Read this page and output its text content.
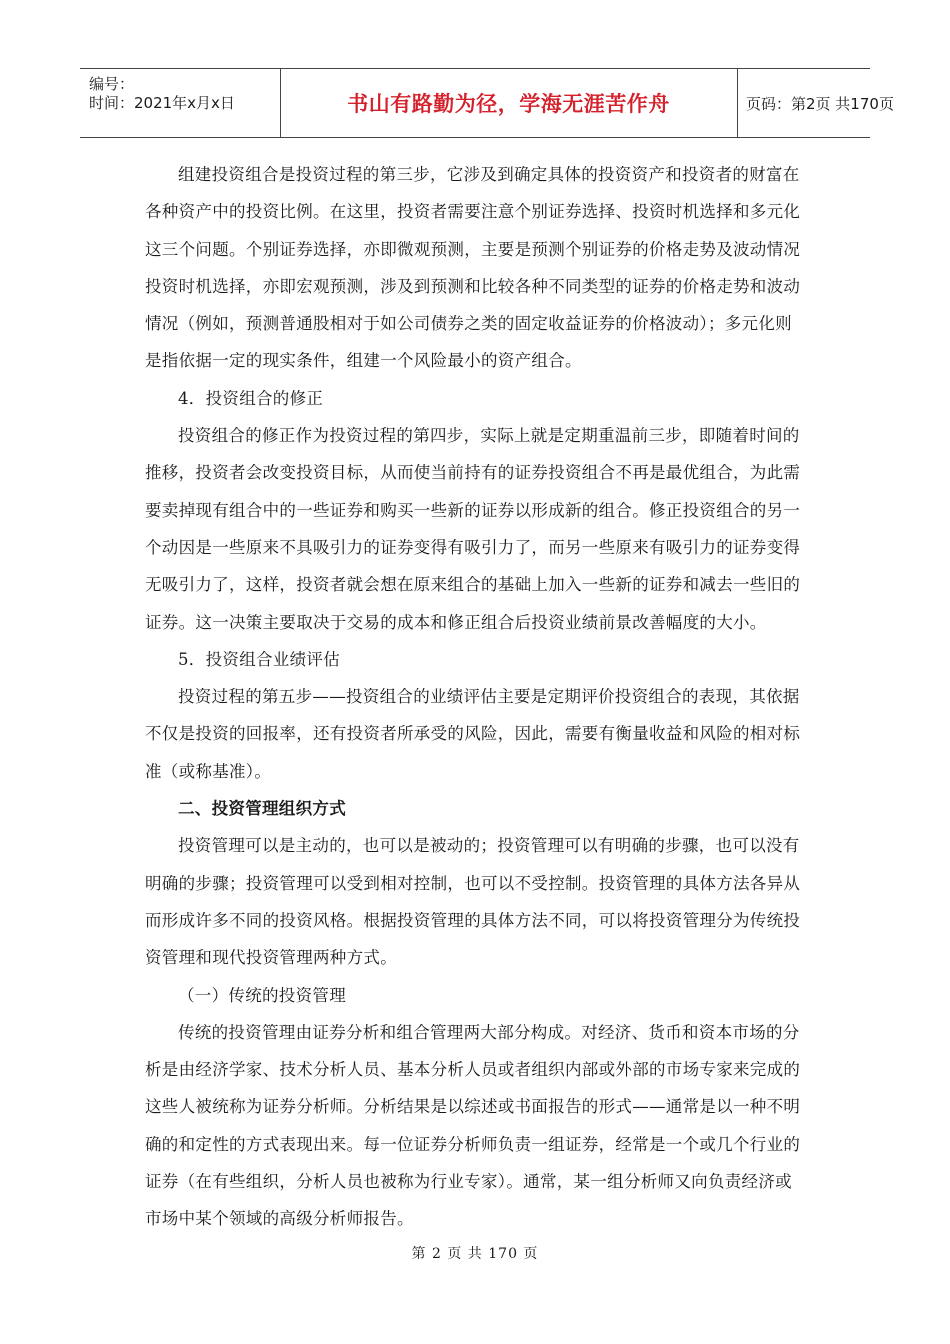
编号：
时间：2021年x月x日	书山有路勤为径，学海无涯苦作舟	页码：第2页 共170页
组建投资组合是投资过程的第三步，它涉及到确定具体的投资资产和投资者的财富在
各种资产中的投资比例。在这里，投资者需要注意个别证券选择、投资时机选择和多元化
这三个问题。个别证券选择，亦即微观预测，主要是预测个别证券的价格走势及波动情况
投资时机选择，亦即宏观预测，涉及到预测和比较各种不同类型的证券的价格走势和波动
情况（例如，预测普通股相对于如公司债券之类的固定收益证券的价格波动）；多元化则
是指依据一定的现实条件，组建一个风险最小的资产组合。
4．投资组合的修正
投资组合的修正作为投资过程的第四步，实际上就是定期重温前三步，即随着时间的
推移，投资者会改变投资目标，从而使当前持有的证券投资组合不再是最优组合，为此需
要卖掉现有组合中的一些证券和购买一些新的证券以形成新的组合。修正投资组合的另一
个动因是一些原来不具吸引力的证券变得有吸引力了，而另一些原来有吸引力的证券变得
无吸引力了，这样，投资者就会想在原来组合的基础上加入一些新的证券和减去一些旧的
证券。这一决策主要取决于交易的成本和修正组合后投资业绩前景改善幅度的大小。
5．投资组合业绩评估
投资过程的第五步——投资组合的业绩评估主要是定期评价投资组合的表现，其依据
不仅是投资的回报率，还有投资者所承受的风险，因此，需要有衡量收益和风险的相对标
准（或称基准）。
二、投资管理组织方式
投资管理可以是主动的，也可以是被动的；投资管理可以有明确的步骤，也可以没有
明确的步骤；投资管理可以受到相对控制，也可以不受控制。投资管理的具体方法各异从
而形成许多不同的投资风格。根据投资管理的具体方法不同，可以将投资管理分为传统投
资管理和现代投资管理两种方式。
（一）传统的投资管理
传统的投资管理由证券分析和组合管理两大部分构成。对经济、货币和资本市场的分
析是由经济学家、技术分析人员、基本分析人员或者组织内部或外部的市场专家来完成的
这些人被统称为证券分析师。分析结果是以综述或书面报告的形式——通常是以一种不明
确的和定性的方式表现出来。每一位证券分析师负责一组证券，经常是一个或几个行业的
证券（在有些组织，分析人员也被称为行业专家）。通常，某一组分析师又向负责经济或
市场中某个领域的高级分析师报告。
第 2 页 共 170 页
